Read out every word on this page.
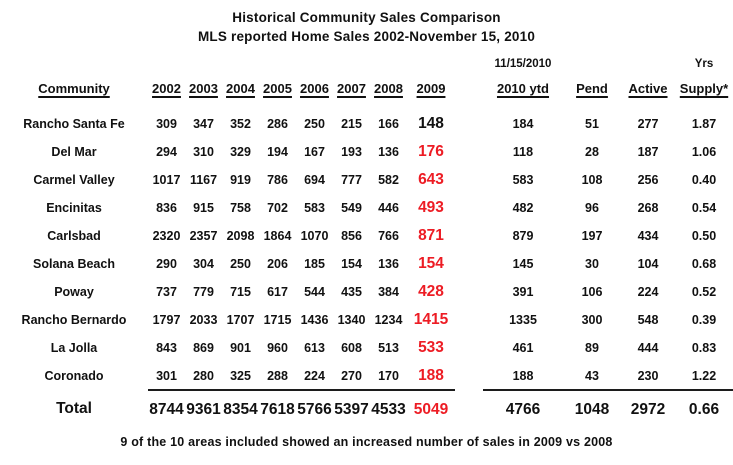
Historical Community Sales Comparison
MLS reported Home Sales 2002-November 15, 2010
										11/15/2010			Yrs
Community	2002	2003	2004	2005	2006	2007	2008	2009		2010 ytd	Pend	Active	Supply*

Rancho Santa Fe	309	347	352	286	250	215	166	148		184	51	277	1.87
Del Mar	294	310	329	194	167	193	136	176		118	28	187	1.06
Carmel Valley	1017	1167	919	786	694	777	582	643		583	108	256	0.40
Encinitas	836	915	758	702	583	549	446	493		482	96	268	0.54
Carlsbad	2320	2357	2098	1864	1070	856	766	871		879	197	434	0.50
Solana Beach	290	304	250	206	185	154	136	154		145	30	104	0.68
Poway	737	779	715	617	544	435	384	428		391	106	224	0.52
Rancho Bernardo	1797	2033	1707	1715	1436	1340	1234	1415		1335	300	548	0.39
La Jolla	843	869	901	960	613	608	513	533		461	89	444	0.83
Coronado	301	280	325	288	224	270	170	188		188	43	230	1.22
Total	8744	9361	8354	7618	5766	5397	4533	5049		4766	1048	2972	0.66
9 of the 10 areas included showed an increased number of sales in 2009 vs 2008
